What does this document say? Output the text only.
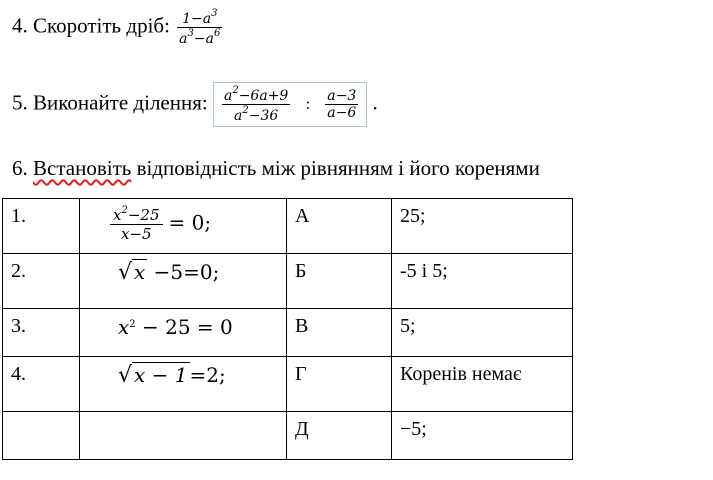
4. Скоротіть дріб: $\frac{1-a^3}{a^3-a^6}$
5. Виконайте ділення: $\frac{a^2-6a+9}{a^2-36}$ : $\frac{a-3}{a-6}$ .
6. Встановіть відповідність між рівнянням і його коренями
1.	$\frac{x^2-25}{x-5} = 0$;	А	25;
2.	√ x −5=0;	Б	-5 і 5;
3.	$x^2 - 25 = 0$	В	5;
4.	√ x − 1 =2;	Г	Коренів немає
		Д	−5;
